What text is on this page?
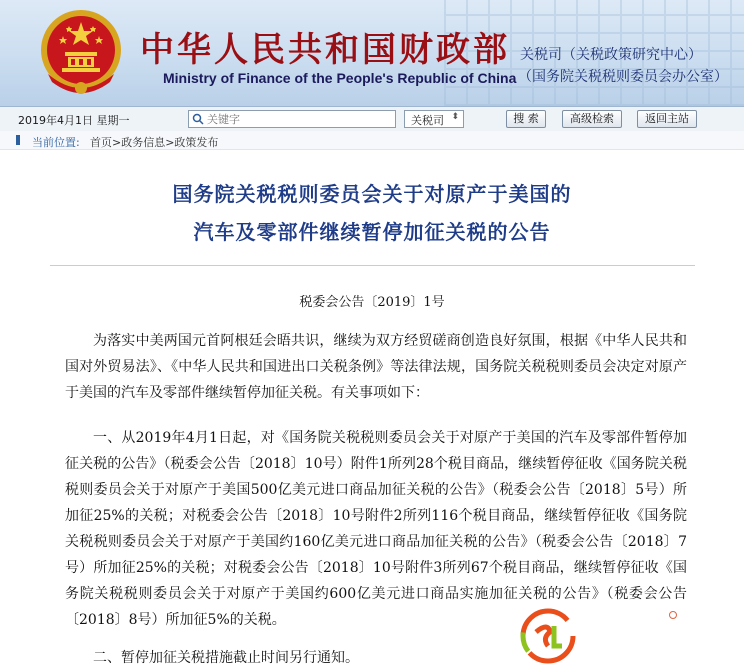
中华人民共和国财政部
Ministry of Finance of the People's Republic of China
关税司（关税政策研究中心）
（国务院关税税则委员会办公室）
2019年4月1日 星期一
关键字	关税司 ⬍	搜 索	高级检索	返回主站
当前位置: 首页>政务信息>政策发布
国务院关税税则委员会关于对原产于美国的
汽车及零部件继续暂停加征关税的公告
税委会公告〔2019〕1号

为落实中美两国元首阿根廷会晤共识，继续为双方经贸磋商创造良好氛围，根据《中华人民共和国对外贸易法》、《中华人民共和国进出口关税条例》等法律法规，国务院关税税则委员会决定对原产于美国的汽车及零部件继续暂停加征关税。有关事项如下：

一、从2019年4月1日起，对《国务院关税税则委员会关于对原产于美国的汽车及零部件暂停加征关税的公告》（税委会公告〔2018〕10号）附件1所列28个税目商品，继续暂停征收《国务院关税税则委员会关于对原产于美国500亿美元进口商品加征关税的公告》（税委会公告〔2018〕5号）所加征25%的关税；对税委会公告〔2018〕10号附件2所列116个税目商品，继续暂停征收《国务院关税税则委员会关于对原产于美国约160亿美元进口商品加征关税的公告》（税委会公告〔2018〕7号）所加征25%的关税；对税委会公告〔2018〕10号附件3所列67个税目商品，继续暂停征收《国务院关税税则委员会关于对原产于美国约600亿美元进口商品实施加征关税的公告》（税委会公告〔2018〕8号）所加征5%的关税。

二、暂停加征关税措施截止时间另行通知。
